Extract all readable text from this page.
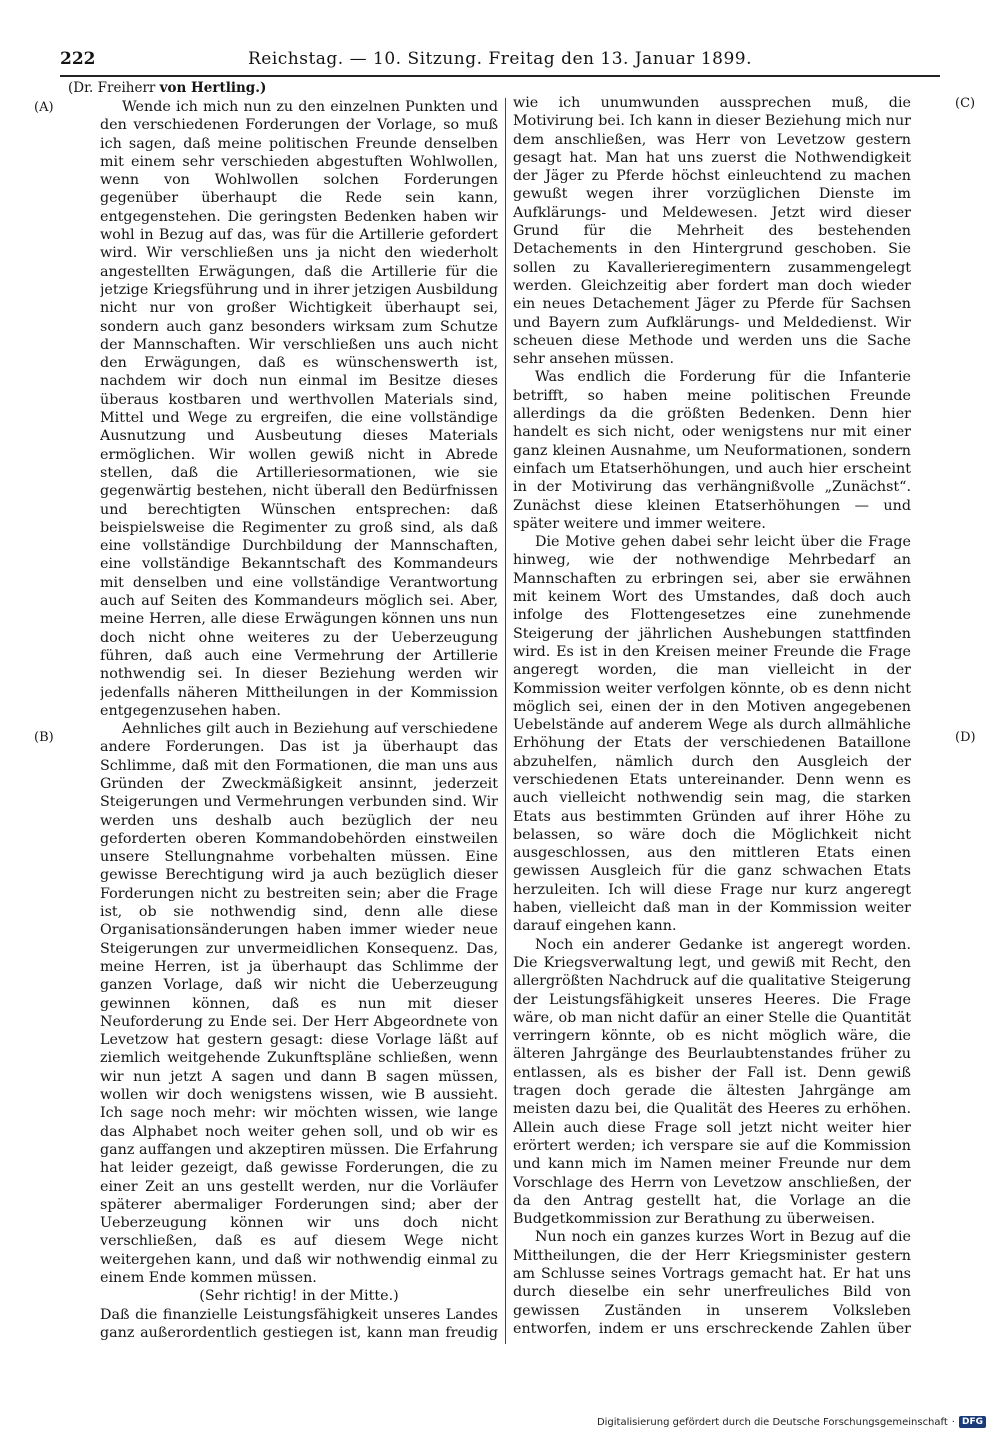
222	Reichstag. — 10. Sitzung. Freitag den 13. Januar 1899.
(Dr. Freiherr von Hertling.)
(A)
(B)
(C)
(D)

Wende ich mich nun zu den einzelnen Punkten und den verschiedenen Forderungen der Vorlage, so muß ich sagen, daß meine politischen Freunde denselben mit einem sehr verschieden abgestuften Wohlwollen, wenn von Wohlwollen solchen Forderungen gegenüber überhaupt die Rede sein kann, entgegenstehen. Die geringsten Bedenken haben wir wohl in Bezug auf das, was für die Artillerie gefordert wird. Wir verschließen uns ja nicht den wiederholt angestellten Erwägungen, daß die Artillerie für die jetzige Kriegsführung und in ihrer jetzigen Ausbildung nicht nur von großer Wichtigkeit überhaupt sei, sondern auch ganz besonders wirksam zum Schutze der Mannschaften. Wir verschließen uns auch nicht den Erwägungen, daß es wünschenswerth ist, nachdem wir doch nun einmal im Besitze dieses überaus kostbaren und werthvollen Materials sind, Mittel und Wege zu ergreifen, die eine vollständige Ausnutzung und Ausbeutung dieses Materials ermöglichen. Wir wollen gewiß nicht in Abrede stellen, daß die Artilleriesormationen, wie sie gegenwärtig bestehen, nicht überall den Bedürfnissen und berechtigten Wünschen entsprechen: daß beispielsweise die Regimenter zu groß sind, als daß eine vollständige Durchbildung der Mannschaften, eine vollständige Bekanntschaft des Kommandeurs mit denselben und eine vollständige Verantwortung auch auf Seiten des Kommandeurs möglich sei. Aber, meine Herren, alle diese Erwägungen können uns nun doch nicht ohne weiteres zu der Ueberzeugung führen, daß auch eine Vermehrung der Artillerie nothwendig sei. In dieser Beziehung werden wir jedenfalls näheren Mittheilungen in der Kommission entgegenzusehen haben.

Aehnliches gilt auch in Beziehung auf verschiedene andere Forderungen. Das ist ja überhaupt das Schlimme, daß mit den Formationen, die man uns aus Gründen der Zweckmäßigkeit ansinnt, jederzeit Steigerungen und Vermehrungen verbunden sind. Wir werden uns deshalb auch bezüglich der neu geforderten oberen Kommandobehörden einstweilen unsere Stellungnahme vorbehalten müssen. Eine gewisse Berechtigung wird ja auch bezüglich dieser Forderungen nicht zu bestreiten sein; aber die Frage ist, ob sie nothwendig sind, denn alle diese Organisationsänderungen haben immer wieder neue Steigerungen zur unvermeidlichen Konsequenz. Das, meine Herren, ist ja überhaupt das Schlimme der ganzen Vorlage, daß wir nicht die Ueberzeugung gewinnen können, daß es nun mit dieser Neuforderung zu Ende sei. Der Herr Abgeordnete von Levetzow hat gestern gesagt: diese Vorlage läßt auf ziemlich weitgehende Zukunftspläne schließen, wenn wir nun jetzt A sagen und dann B sagen müssen, wollen wir doch wenigstens wissen, wie B aussieht. Ich sage noch mehr: wir möchten wissen, wie lange das Alphabet noch weiter gehen soll, und ob wir es ganz auffangen und akzeptiren müssen. Die Erfahrung hat leider gezeigt, daß gewisse Forderungen, die zu einer Zeit an uns gestellt werden, nur die Vorläufer späterer abermaliger Forderungen sind; aber der Ueberzeugung können wir uns doch nicht verschließen, daß es auf diesem Wege nicht weitergehen kann, und daß wir nothwendig einmal zu einem Ende kommen müssen.

(Sehr richtig! in der Mitte.)

Daß die finanzielle Leistungsfähigkeit unseres Landes ganz außerordentlich gestiegen ist, kann man freudig

wie ich unumwunden aussprechen muß, die Motivirung bei. Ich kann in dieser Beziehung mich nur dem anschließen, was Herr von Levetzow gestern gesagt hat. Man hat uns zuerst die Nothwendigkeit der Jäger zu Pferde höchst einleuchtend zu machen gewußt wegen ihrer vorzüglichen Dienste im Aufklärungs- und Meldewesen. Jetzt wird dieser Grund für die Mehrheit des bestehenden Detachements in den Hintergrund geschoben. Sie sollen zu Kavallerieregimentern zusammengelegt werden. Gleichzeitig aber fordert man doch wieder ein neues Detachement Jäger zu Pferde für Sachsen und Bayern zum Aufklärungs- und Meldedienst. Wir scheuen diese Methode und werden uns die Sache sehr ansehen müssen.

Was endlich die Forderung für die Infanterie betrifft, so haben meine politischen Freunde allerdings da die größten Bedenken. Denn hier handelt es sich nicht, oder wenigstens nur mit einer ganz kleinen Ausnahme, um Neuformationen, sondern einfach um Etatserhöhungen, und auch hier erscheint in der Motivirung das verhängnißvolle „Zunächst“. Zunächst diese kleinen Etatserhöhungen — und später weitere und immer weitere.

Die Motive gehen dabei sehr leicht über die Frage hinweg, wie der nothwendige Mehrbedarf an Mannschaften zu erbringen sei, aber sie erwähnen mit keinem Wort des Umstandes, daß doch auch infolge des Flottengesetzes eine zunehmende Steigerung der jährlichen Aushebungen stattfinden wird. Es ist in den Kreisen meiner Freunde die Frage angeregt worden, die man vielleicht in der Kommission weiter verfolgen könnte, ob es denn nicht möglich sei, einen der in den Motiven angegebenen Uebelstände auf anderem Wege als durch allmähliche Erhöhung der Etats der verschiedenen Bataillone abzuhelfen, nämlich durch den Ausgleich der verschiedenen Etats untereinander. Denn wenn es auch vielleicht nothwendig sein mag, die starken Etats aus bestimmten Gründen auf ihrer Höhe zu belassen, so wäre doch die Möglichkeit nicht ausgeschlossen, aus den mittleren Etats einen gewissen Ausgleich für die ganz schwachen Etats herzuleiten. Ich will diese Frage nur kurz angeregt haben, vielleicht daß man in der Kommission weiter darauf eingehen kann.

Noch ein anderer Gedanke ist angeregt worden. Die Kriegsverwaltung legt, und gewiß mit Recht, den allergrößten Nachdruck auf die qualitative Steigerung der Leistungsfähigkeit unseres Heeres. Die Frage wäre, ob man nicht dafür an einer Stelle die Quantität verringern könnte, ob es nicht möglich wäre, die älteren Jahrgänge des Beurlaubtenstandes früher zu entlassen, als es bisher der Fall ist. Denn gewiß tragen doch gerade die ältesten Jahrgänge am meisten dazu bei, die Qualität des Heeres zu erhöhen. Allein auch diese Frage soll jetzt nicht weiter hier erörtert werden; ich verspare sie auf die Kommission und kann mich im Namen meiner Freunde nur dem Vorschlage des Herrn von Levetzow anschließen, der da den Antrag gestellt hat, die Vorlage an die Budgetkommission zur Berathung zu überweisen.

Nun noch ein ganzes kurzes Wort in Bezug auf die Mittheilungen, die der Herr Kriegsminister gestern am Schlusse seines Vortrags gemacht hat. Er hat uns durch dieselbe ein sehr unerfreuliches Bild von gewissen Zuständen in unserem Volksleben entworfen, indem er uns erschreckende Zahlen über

Digitalisierung gefördert durch die Deutsche Forschungsgemeinschaft · DFG
